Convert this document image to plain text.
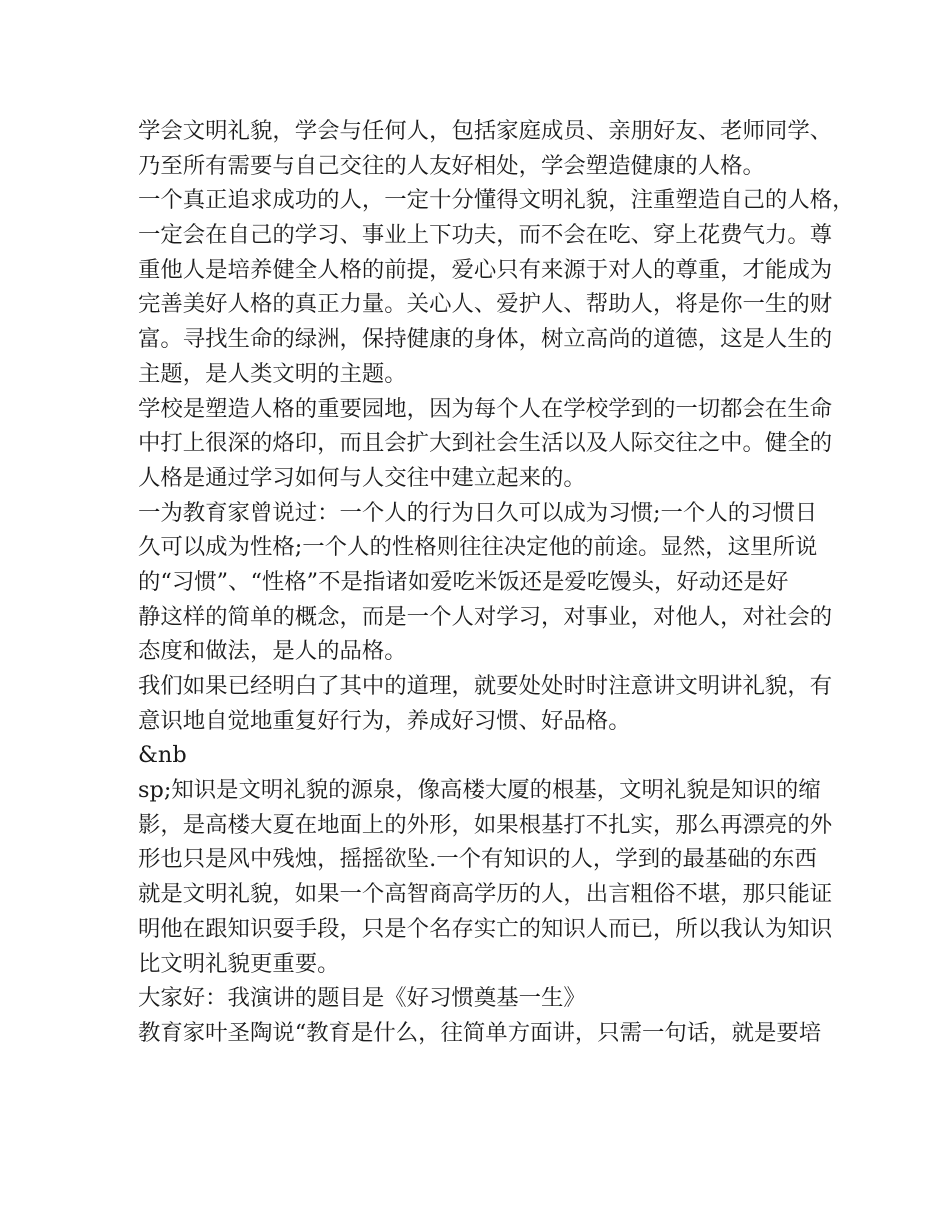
学会文明礼貌，学会与任何人，包括家庭成员、亲朋好友、老师同学、
乃至所有需要与自己交往的人友好相处，学会塑造健康的人格。
一个真正追求成功的人，一定十分懂得文明礼貌，注重塑造自己的人格，
一定会在自己的学习、事业上下功夫，而不会在吃、穿上花费气力。尊
重他人是培养健全人格的前提，爱心只有来源于对人的尊重，才能成为
完善美好人格的真正力量。关心人、爱护人、帮助人，将是你一生的财
富。寻找生命的绿洲，保持健康的身体，树立高尚的道德，这是人生的
主题，是人类文明的主题。
学校是塑造人格的重要园地，因为每个人在学校学到的一切都会在生命
中打上很深的烙印，而且会扩大到社会生活以及人际交往之中。健全的
人格是通过学习如何与人交往中建立起来的。
一为教育家曾说过：一个人的行为日久可以成为习惯;一个人的习惯日
久可以成为性格;一个人的性格则往往决定他的前途。显然，这里所说
的“习惯”、“性格”不是指诸如爱吃米饭还是爱吃馒头，好动还是好
静这样的简单的概念，而是一个人对学习，对事业，对他人，对社会的
态度和做法，是人的品格。
我们如果已经明白了其中的道理，就要处处时时注意讲文明讲礼貌，有
意识地自觉地重复好行为，养成好习惯、好品格。
&nb
sp;知识是文明礼貌的源泉，像高楼大厦的根基，文明礼貌是知识的缩
影，是高楼大夏在地面上的外形，如果根基打不扎实，那么再漂亮的外
形也只是风中残烛，摇摇欲坠.一个有知识的人，学到的最基础的东西
就是文明礼貌，如果一个高智商高学历的人，出言粗俗不堪，那只能证
明他在跟知识耍手段，只是个名存实亡的知识人而已，所以我认为知识
比文明礼貌更重要。
大家好：我演讲的题目是《好习惯奠基一生》
教育家叶圣陶说“教育是什么，往简单方面讲，只需一句话，就是要培
